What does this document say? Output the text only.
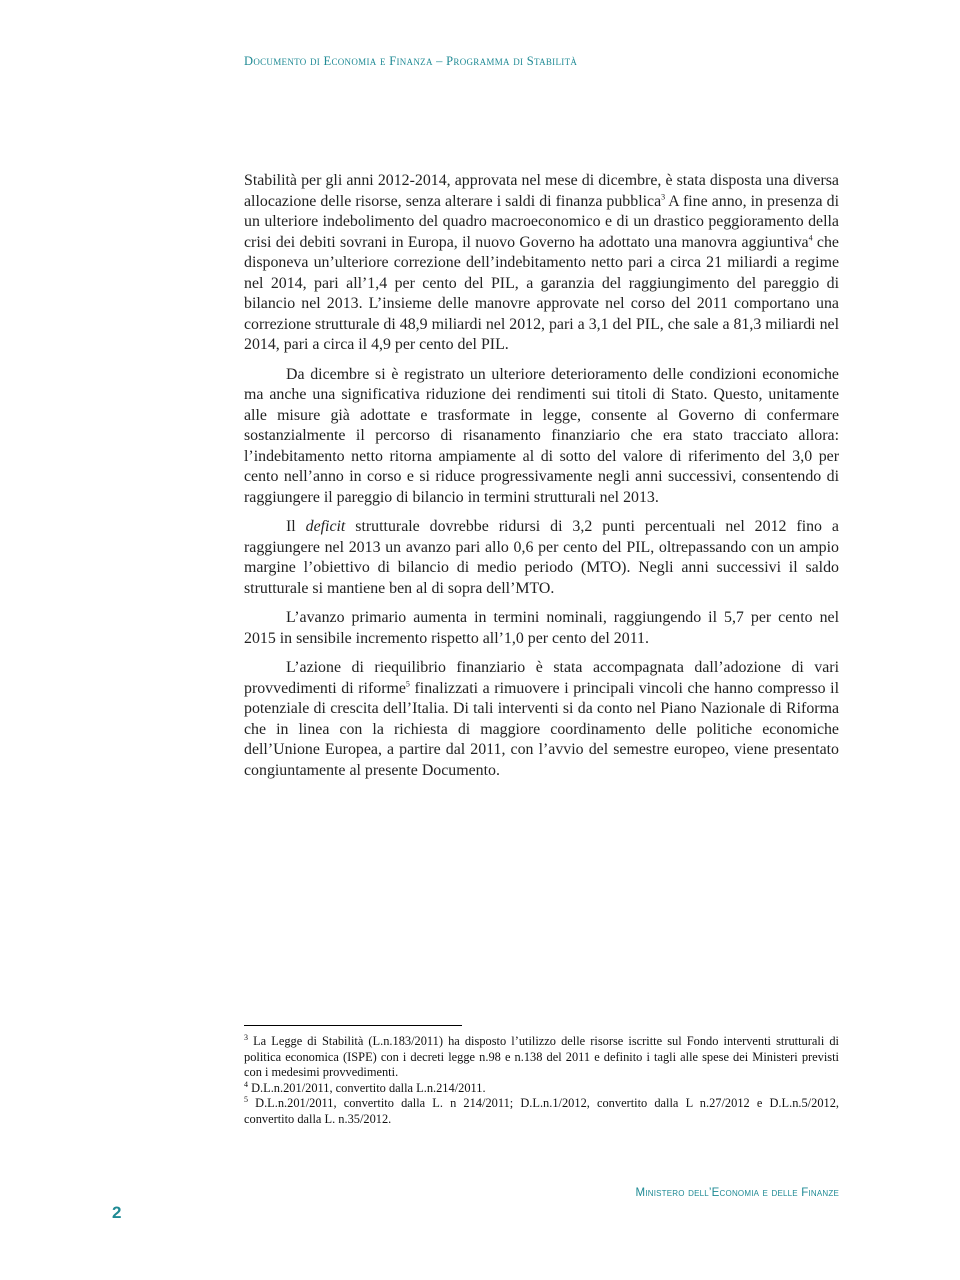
Documento di Economia e Finanza – Programma di Stabilità

Stabilità per gli anni 2012-2014, approvata nel mese di dicembre, è stata disposta una diversa allocazione delle risorse, senza alterare i saldi di finanza pubblica$^3$ A fine anno, in presenza di un ulteriore indebolimento del quadro macroeconomico e di un drastico peggioramento della crisi dei debiti sovrani in Europa, il nuovo Governo ha adottato una manovra aggiuntiva$^4$ che disponeva un’ulteriore correzione dell’indebitamento netto pari a circa 21 miliardi a regime nel 2014, pari all’1,4 per cento del PIL, a garanzia del raggiungimento del pareggio di bilancio nel 2013. L’insieme delle manovre approvate nel corso del 2011 comportano una correzione strutturale di 48,9 miliardi nel 2012, pari a 3,1 del PIL, che sale a 81,3 miliardi nel 2014, pari a circa il 4,9 per cento del PIL.

Da dicembre si è registrato un ulteriore deterioramento delle condizioni economiche ma anche una significativa riduzione dei rendimenti sui titoli di Stato. Questo, unitamente alle misure già adottate e trasformate in legge, consente al Governo di confermare sostanzialmente il percorso di risanamento finanziario che era stato tracciato allora: l’indebitamento netto ritorna ampiamente al di sotto del valore di riferimento del 3,0 per cento nell’anno in corso e si riduce progressivamente negli anni successivi, consentendo di raggiungere il pareggio di bilancio in termini strutturali nel 2013.

Il deficit strutturale dovrebbe ridursi di 3,2 punti percentuali nel 2012 fino a raggiungere nel 2013 un avanzo pari allo 0,6 per cento del PIL, oltrepassando con un ampio margine l’obiettivo di bilancio di medio periodo (MTO). Negli anni successivi il saldo strutturale si mantiene ben al di sopra dell’MTO.

L’avanzo primario aumenta in termini nominali, raggiungendo il 5,7 per cento nel 2015 in sensibile incremento rispetto all’1,0 per cento del 2011.

L’azione di riequilibrio finanziario è stata accompagnata dall’adozione di vari provvedimenti di riforme$^5$ finalizzati a rimuovere i principali vincoli che hanno compresso il potenziale di crescita dell’Italia. Di tali interventi si da conto nel Piano Nazionale di Riforma che in linea con la richiesta di maggiore coordinamento delle politiche economiche dell’Unione Europea, a partire dal 2011, con l’avvio del semestre europeo, viene presentato congiuntamente al presente Documento.

$^3$ La Legge di Stabilità (L.n.183/2011) ha disposto l’utilizzo delle risorse iscritte sul Fondo interventi strutturali di politica economica (ISPE) con i decreti legge n.98 e n.138 del 2011 e definito i tagli alle spese dei Ministeri previsti con i medesimi provvedimenti.

$^4$ D.L.n.201/2011, convertito dalla L.n.214/2011.

$^5$ D.L.n.201/2011, convertito dalla L. n 214/2011; D.L.n.1/2012, convertito dalla L n.27/2012 e D.L.n.5/2012, convertito dalla L. n.35/2012.

Ministero dell’Economia e delle Finanze
2
